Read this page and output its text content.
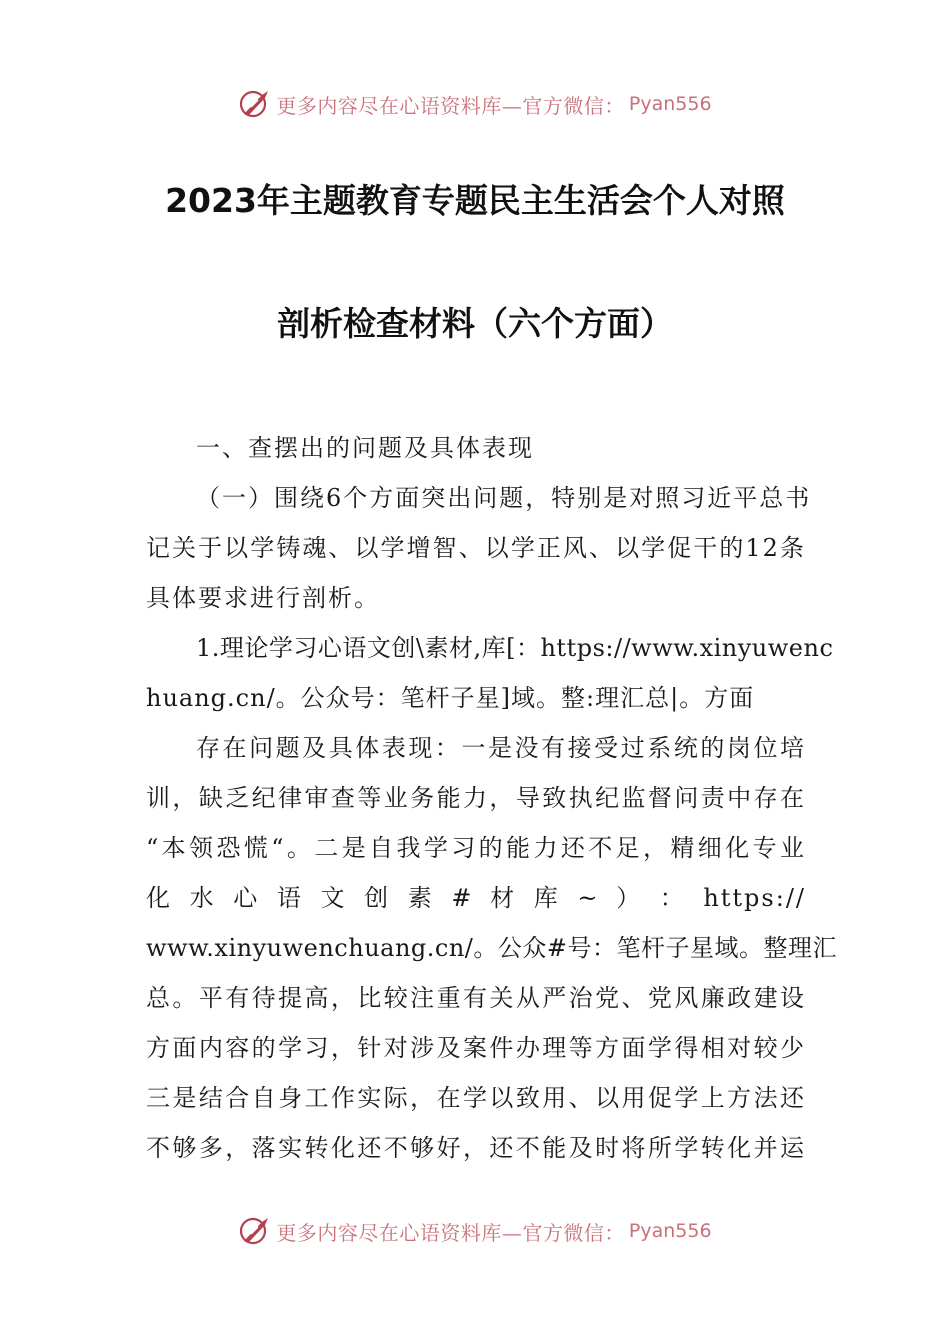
更多内容尽在心语资料库—官方微信： Pyan556
2023年主题教育专题民主生活会个人对照
剖析检查材料（六个方面）
一、查摆出的问题及具体表现
（一）围绕6个方面突出问题，特别是对照习近平总书
记关于以学铸魂、以学增智、以学正风、以学促干的12条
具体要求进行剖析。
1.理论学习心语文创\素材,库[：https://www.xinyuwenc
huang.cn/。公众号：笔杆子星]域。整:理汇总|。方面
存在问题及具体表现：一是没有接受过系统的岗位培
训，缺乏纪律审查等业务能力，导致执纪监督问责中存在
“本领恐慌“。二是自我学习的能力还不足，精细化专业
化 水 心 语 文 创 素 # 材 库 ~ ） ： https://
www.xinyuwenchuang.cn/。公众#号：笔杆子星域。整理汇
总。平有待提高，比较注重有关从严治党、党风廉政建设
方面内容的学习，针对涉及案件办理等方面学得相对较少
三是结合自身工作实际，在学以致用、以用促学上方法还
不够多，落实转化还不够好，还不能及时将所学转化并运
更多内容尽在心语资料库—官方微信： Pyan556
